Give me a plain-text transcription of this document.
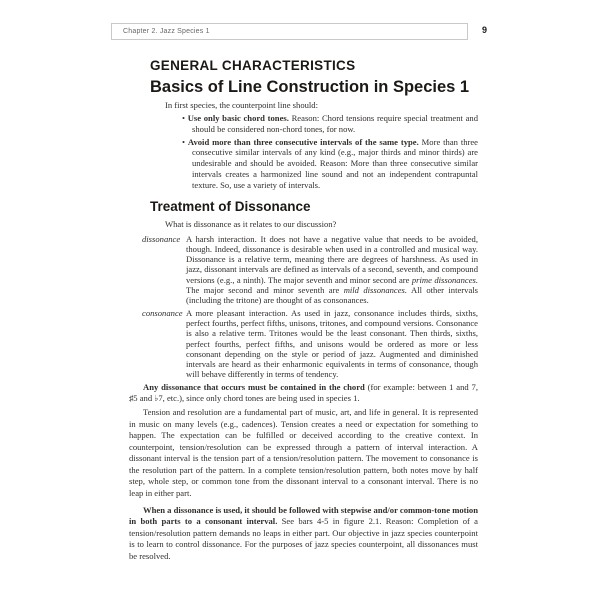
Chapter 2. Jazz Species 1	9
GENERAL CHARACTERISTICS
Basics of Line Construction in Species 1

In first species, the counterpoint line should:

• Use only basic chord tones. Reason: Chord tensions require special treatment and should be considered non-chord tones, for now.
• Avoid more than three consecutive intervals of the same type. More than three consecutive similar intervals of any kind (e.g., major thirds and minor thirds) are undesirable and should be avoided. Reason: More than three consecutive similar intervals creates a harmonized line sound and not an independent contrapuntal texture. So, use a variety of intervals.
Treatment of Dissonance

What is dissonance as it relates to our discussion?

dissonance A harsh interaction. It does not have a negative value that needs to be avoided, though. Indeed, dissonance is desirable when used in a controlled and musical way. Dissonance is a relative term, meaning there are degrees of harshness. As used in jazz, dissonant intervals are defined as intervals of a second, seventh, and compound versions (e.g., a ninth). The major seventh and minor second are prime dissonances. The major second and minor seventh are mild dissonances. All other intervals (including the tritone) are thought of as consonances.
consonance A more pleasant interaction. As used in jazz, consonance includes thirds, sixths, perfect fourths, perfect fifths, unisons, tritones, and compound versions. Consonance is also a relative term. Tritones would be the least consonant. Then thirds, sixths, perfect fourths, perfect fifths, and unisons would be ordered as more or less consonant depending on the style or period of jazz. Augmented and diminished intervals are heard as their enharmonic equivalents in terms of consonance, though will behave differently in terms of tendency.

Any dissonance that occurs must be contained in the chord (for example: between 1 and 7, ♯5 and ♭7, etc.), since only chord tones are being used in species 1.

Tension and resolution are a fundamental part of music, art, and life in general. It is represented in music on many levels (e.g., cadences). Tension creates a need or expectation for something to happen. The expectation can be fulfilled or deceived according to the creative context. In counterpoint, tension/resolution can be expressed through a pattern of interval interaction. A dissonant interval is the tension part of a tension/resolution pattern. The movement to consonance is the resolution part of the pattern. In a complete tension/resolution pattern, both notes move by half step, whole step, or common tone from the dissonant interval to a consonant interval. There is no leap in either part.

When a dissonance is used, it should be followed with stepwise and/or common-tone motion in both parts to a consonant interval. See bars 4-5 in figure 2.1. Reason: Completion of a tension/resolution pattern demands no leaps in either part. Our objective in jazz species counterpoint is to learn to control dissonance. For the purposes of jazz species counterpoint, all dissonances must be resolved.
